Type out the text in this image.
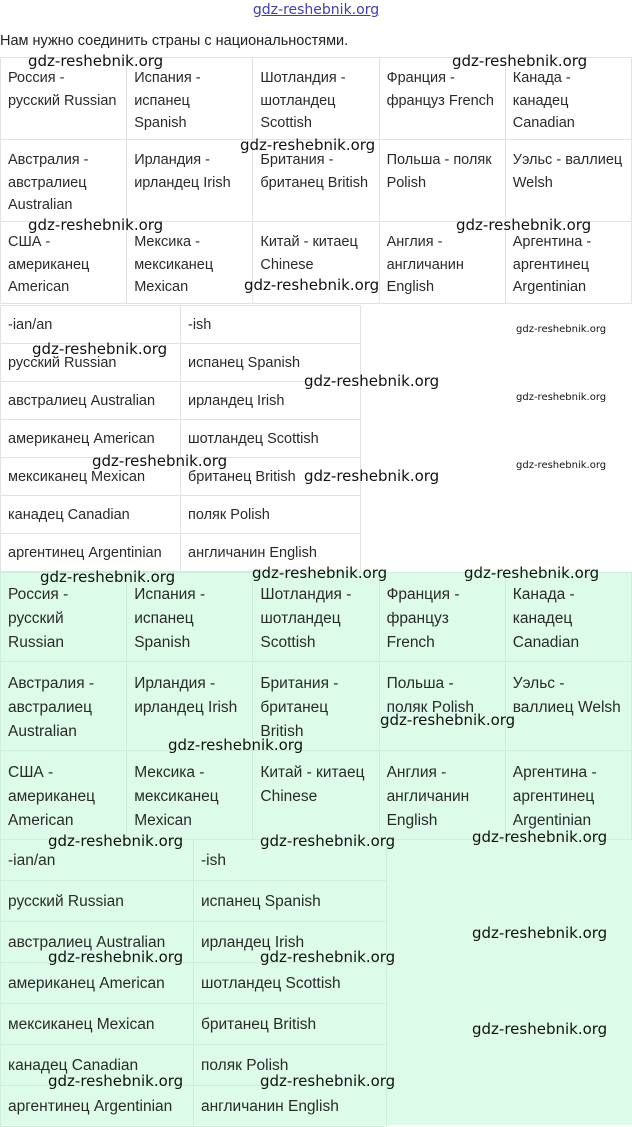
gdz-reshebnik.org
Нам нужно соединить страны с национальностями.
Россия - русский Russian	Испания - испанец Spanish	Шотландия - шотландец Scottish	Франция - француз French	Канада - канадец Canadian
Австралия - австралиец Australian	Ирландия - ирландец Irish	Британия - британец British	Польша - поляк Polish	Уэльс - валлиец Welsh
США - американец American	Мексика - мексиканец Mexican	Китай - китаец Chinese	Англия - англичанин English	Аргентина - аргентинец Argentinian
-ian/an	-ish
русский Russian	испанец Spanish
австралиец Australian	ирландец Irish
американец American	шотландец Scottish
мексиканец Mexican	британец British
канадец Canadian	поляк Polish
аргентинец Argentinian	англичанин English
Россия - русский Russian	Испания - испанец Spanish	Шотландия - шотландец Scottish	Франция - француз French	Канада - канадец Canadian
Австралия - австралиец Australian	Ирландия - ирландец Irish	Британия - британец British	Польша - поляк Polish	Уэльс - валлиец Welsh
США - американец American	Мексика - мексиканец Mexican	Китай - китаец Chinese	Англия - англичанин English	Аргентина - аргентинец Argentinian
-ian/an	-ish
русский Russian	испанец Spanish
австралиец Australian	ирландец Irish
американец American	шотландец Scottish
мексиканец Mexican	британец British
канадец Canadian	поляк Polish
аргентинец Argentinian	англичанин English
gdz-reshebnik.org	gdz-reshebnik.org
gdz-reshebnik.org
gdz-reshebnik.org	gdz-reshebnik.org
gdz-reshebnik.org
gdz-reshebnik.org
gdz-reshebnik.org
gdz-reshebnik.org
gdz-reshebnik.org
gdz-reshebnik.org	gdz-reshebnik.org
gdz-reshebnik.org
gdz-reshebnik.org	gdz-reshebnik.org
gdz-reshebnik.org
gdz-reshebnik.org
gdz-reshebnik.org
gdz-reshebnik.org
gdz-reshebnik.org	gdz-reshebnik.org
gdz-reshebnik.org
gdz-reshebnik.org	gdz-reshebnik.org
gdz-reshebnik.org
gdz-reshebnik.org	gdz-reshebnik.org
